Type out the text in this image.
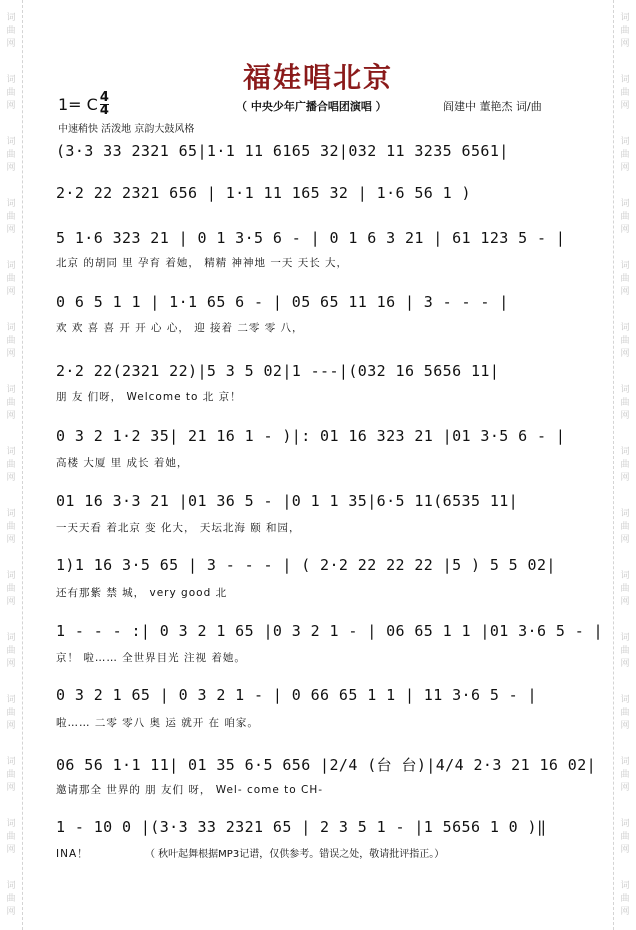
词
曲
网
词
曲
网
词
曲
网
词
曲
网
词
曲
网
词
曲
网
词
曲
网
词
曲
网
词
曲
网
词
曲
网
词
曲
网
词
曲
网
词
曲
网
词
曲
网
词
曲
网
词
曲
网
词
曲
网
词
曲
网
词
曲
网
词
曲
网
词
曲
网
词
曲
网
词
曲
网
词
曲
网
词
曲
网
词
曲
网
词
曲
网
词
曲
网
词
曲
网
词
曲
网
福娃唱北京
1= C $\frac{4}{4}$	（ 中央少年广播合唱团演唱 ）	阎建中 董艳杰 词/曲
中速稍快 活泼地 京韵大鼓风格
(3·3 33 2321 65|1·1 11 6165 32|032 11 3235 6561|
2·2 22 2321 656 | 1·1 11 165 32 | 1·6 56 1 )
5 1·6 323 21 | 0 1 3·5 6 - | 0 1 6 3 21 | 61 123 5 - |
北京 的胡同 里 孕育 着她， 精精 神神地 一天 天长 大，
0 6 5 1 1 | 1·1 65 6 - | 05 65 11 16 | 3 - - - |
欢 欢 喜 喜 开 开 心 心， 迎 接着 二零 零 八，
2·2 22(2321 22)|5 3 5 02|1 ---|(032 16 5656 11|
朋 友 们呀， Welcome to 北 京！
0 3 2 1·2 35| 21 16 1 - )|: 01 16 323 21 |01 3·5 6 - |
高楼 大厦 里 成长 着她，
01 16 3·3 21 |01 36 5 - |0 1 1 35|6·5 11(6535 11|
一天天看 着北京 变 化大， 天坛北海 颐 和园，
1)1 16 3·5 65 | 3 - - - | ( 2·2 22 22 22 |5 ) 5 5 02|
还有那紫 禁 城， very good 北
1 - - - :| 0 3 2 1 65 |0 3 2 1 - | 06 65 1 1 |01 3·6 5 - |
京！ 啦…… 全世界目光 注视 着她。
0 3 2 1 65 | 0 3 2 1 - | 0 66 65 1 1 | 11 3·6 5 - |
啦…… 二零 零八 奥 运 就开 在 咱家。
06 56 1·1 11| 01 35 6·5 656 |2/4 (台 台)|4/4 2·3 21 16 02|
邀请那全 世界的 朋 友们 呀， Wel- come to CH-
1 - 10 0 |(3·3 33 2321 65 | 2 3 5 1 - |1 5656 1 0 )‖
INA！	（ 秋叶起舞根据MP3记谱，仅供参考。错误之处，敬请批评指正。）
